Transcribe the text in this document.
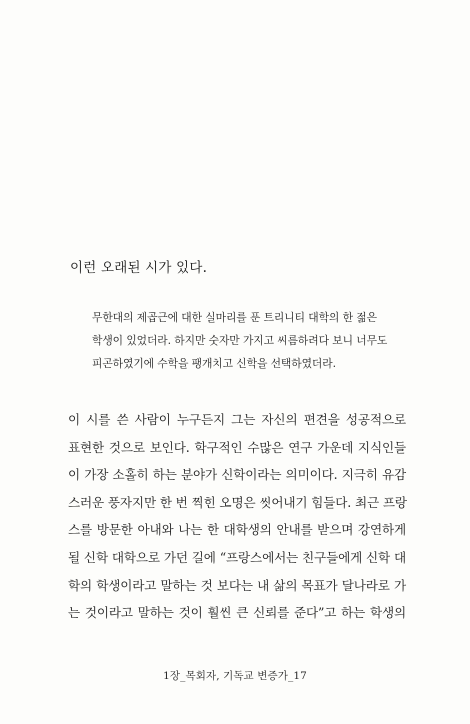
이런 오래된 시가 있다.
무한대의 제곱근에 대한 실마리를 푼 트리니티 대학의 한 젊은
학생이 있었더라. 하지만 숫자만 가지고 씨름하려다 보니 너무도
피곤하였기에 수학을 팽개치고 신학을 선택하였더라.
이 시를 쓴 사람이 누구든지 그는 자신의 편견을 성공적으로
표현한 것으로 보인다. 학구적인 수많은 연구 가운데 지식인들
이 가장 소홀히 하는 분야가 신학이라는 의미이다. 지극히 유감
스러운 풍자지만 한 번 찍힌 오명은 씻어내기 힘들다. 최근 프랑
스를 방문한 아내와 나는 한 대학생의 안내를 받으며 강연하게
될 신학 대학으로 가던 길에 “프랑스에서는 친구들에게 신학 대
학의 학생이라고 말하는 것 보다는 내 삶의 목표가 달나라로 가
는 것이라고 말하는 것이 훨씬 큰 신뢰를 준다”고 하는 학생의
1장_목회자, 기독교 변증가_17
